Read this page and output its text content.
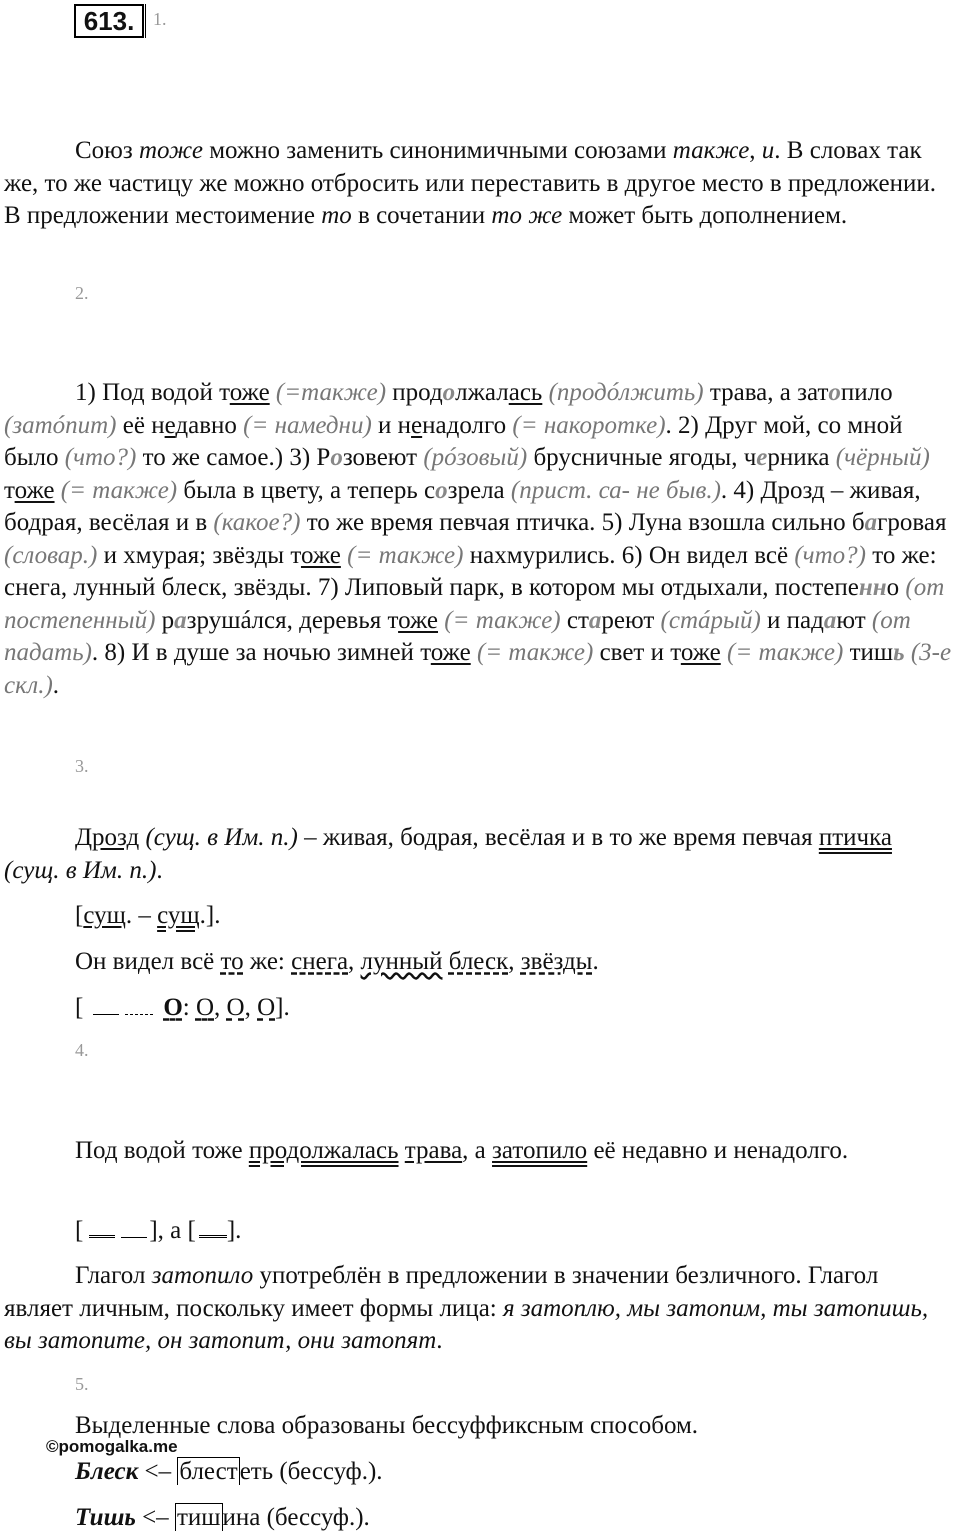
613.	1.
Союз тоже можно заменить синонимичными союзами также, и. В словах так же, то же частицу же можно отбросить или переставить в другое место в предложении. В предложении местоимение то в сочетании то же может быть дополнением.
2.
1) Под водой тоже (=также) продолжалась (продóлжить) трава, а затопило (затóпит) её недавно (= намедни) и ненадолго (= накоротке). 2) Друг мой, со мной было (что?) то же самое.) 3) Розовеют (рóзовый) брусничные ягоды, черника (чёрный) тоже (= также) была в цвету, а теперь созрела (прист. са- не быв.). 4) Дрозд – живая, бодрая, весёлая и в (какое?) то же время певчая птичка. 5) Луна взошла сильно багровая (словар.) и хмурая; звёзды тоже (= также) нахмурились. 6) Он видел всё (что?) то же: снега, лунный блеск, звёзды. 7) Липовый парк, в котором мы отдыхали, постепенно (от постепенный) разрушáлся, деревья тоже (= также) стареют (стáрый) и падают (от падать). 8) И в душе за ночью зимней тоже (= также) свет и тоже (= также) тишь (3-е скл.).
3.
Дрозд (сущ. в Им. п.) – живая, бодрая, весёлая и в то же время певчая птичка (сущ. в Им. п.).
[сущ. – сущ.].
Он видел всё то же: снега, лунный блеск, звёзды.
[	О: О, О, О].
4.
Под водой тоже продолжалась трава, а затопило её недавно и ненадолго.
[	], а [ ].
Глагол затопило употреблён в предложении в значении безличного. Глагол являет личным, поскольку имеет формы лица: я затоплю, мы затопим, ты затопишь, вы затопите, он затопит, они затопят.
5.
Выделенные слова образованы бессуффиксным способом.
©pomogalka.me
Блеск <– блестеть (бессуф.).
Тишь <– тишина (бессуф.).
